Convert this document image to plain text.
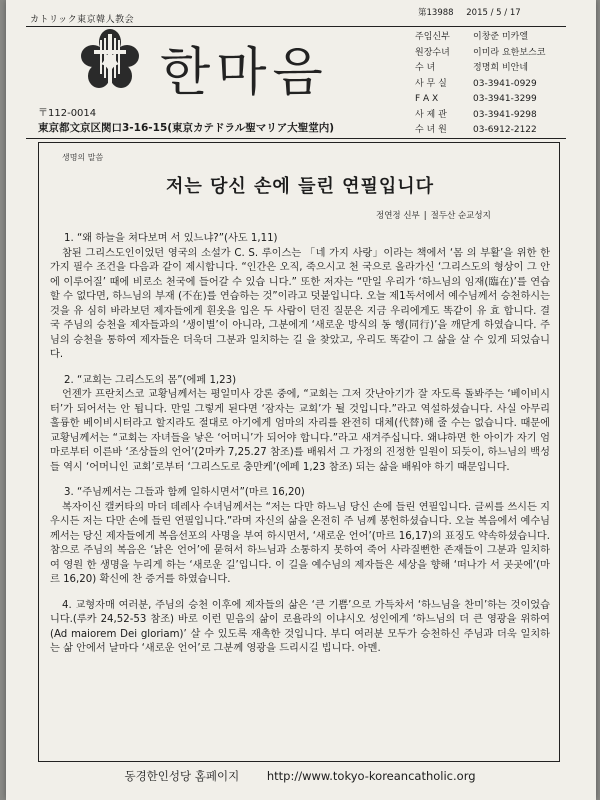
カトリック東京韓人教会
第13988 2015 / 5 / 17
한마음
〒112-0014
東京都文京区関口3-16-15(東京カテドラル聖マリア大聖堂内)
주임신부	이창준 미카엘
원장수녀	이미라 요한보스코
수 녀	정명희 비안네
사 무 실	03-3941-0929
F A X	03-3941-3299
사 제 관	03-3941-9298
수 녀 원	03-6912-2122
생명의 말씀
저는 당신 손에 들린 연필입니다
정연정 신부 | 절두산 순교성지
1. “왜 하늘을 쳐다보며 서 있느냐?”(사도 1,11)

참된 그리스도인이었던 영국의 소설가 C. S. 루이스는 「네 가지 사랑」이라는 책에서 ‘몸 의 부활’을 위한 한 가지 필수 조건을 다음과 같이 제시합니다. “인간은 오직, 죽으시고 천 국으로 올라가신 ‘그리스도의 형상이 그 안에 이루어질’ 때에 비로소 천국에 들어갈 수 있습 니다.” 또한 저자는 “만일 우리가 ‘하느님의 임재(臨在)’를 연습할 수 없다면, 하느님의 부재 (不在)를 연습하는 것”이라고 덧붙입니다. 오늘 제1독서에서 예수님께서 승천하시는 것을 유 심히 바라보던 제자들에게 흰옷을 입은 두 사람이 던진 질문은 지금 우리에게도 똑같이 유 효 합니다. 결국 주님의 승천을 제자들과의 ‘생이별’이 아니라, 그분에게 ‘새로운 방식의 동 행(同行)’을 깨닫게 하였습니다. 주님의 승천을 통하여 제자들은 더욱더 그분과 일치하는 길 을 찾았고, 우리도 똑같이 그 삶을 살 수 있게 되었습니다.

2. “교회는 그리스도의 몸”(에페 1,23)

언젠가 프란치스코 교황님께서는 평일미사 강론 중에, “교회는 그저 갓난아기가 잘 자도록 돌봐주는 ‘베이비시터’가 되어서는 안 됩니다. 만일 그렇게 된다면 ‘잠자는 교회’가 될 것입니다.”라고 역설하셨습니다. 사실 아무리 훌륭한 베이비시터라고 할지라도 절대로 아기에게 엄마의 자리를 완전히 대체(代替)해 줄 수는 없습니다. 때문에 교황님께서는 “교회는 자녀들을 낳은 ‘어머니’가 되어야 합니다.”라고 새겨주십니다. 왜냐하면 한 아이가 자기 엄마로부터 이른바 ‘조상들의 언어’(2마카 7,25.27 참조)를 배워서 그 가정의 진정한 일원이 되듯이, 하느님의 백성들 역시 ‘어머니인 교회’로부터 ‘그리스도로 충만케’(에페 1,23 참조) 되는 삶을 배워야 하기 때문입니다.

3. “주님께서는 그들과 함께 일하시면서”(마르 16,20)

복자이신 캘커타의 마더 데레사 수녀님께서는 “저는 다만 하느님 당신 손에 들린 연필입니다. 글씨를 쓰시든 지우시든 저는 다만 손에 들린 연필입니다.”라며 자신의 삶을 온전히 주 님께 봉헌하셨습니다. 오늘 복음에서 예수님께서는 당신 제자들에게 복음선포의 사명을 부여 하시면서, ‘새로운 언어’(마르 16,17)의 표징도 약속하셨습니다. 참으로 주님의 복음은 ‘낡은 언어’에 묻혀서 하느님과 소통하지 못하여 죽어 사라질뻔한 존재들이 그분과 일치하여 영원 한 생명을 누리게 하는 ‘새로운 길’입니다. 이 길을 예수님의 제자들은 세상을 향해 ‘떠나가 서 곳곳에’(마르 16,20) 확신에 찬 증거를 하였습니다.

4. 교형자매 여러분, 주님의 승천 이후에 제자들의 삶은 ‘큰 기쁨’으로 가득차서 ‘하느님을 찬미’하는 것이었습니다.(루카 24,52-53 참조) 바로 이런 믿음의 삶이 로욜라의 이냐시오 성인에게 ‘하느님의 더 큰 영광을 위하여(Ad maiorem Dei gloriam)’ 살 수 있도록 재촉한 것입니다. 부디 여러분 모두가 승천하신 주님과 더욱 일치하는 삶 안에서 날마다 ‘새로운 언어’로 그분께 영광을 드리시길 빕니다. 아멘.

동경한인성당 홈페이지 http://www.tokyo-koreancatholic.org
